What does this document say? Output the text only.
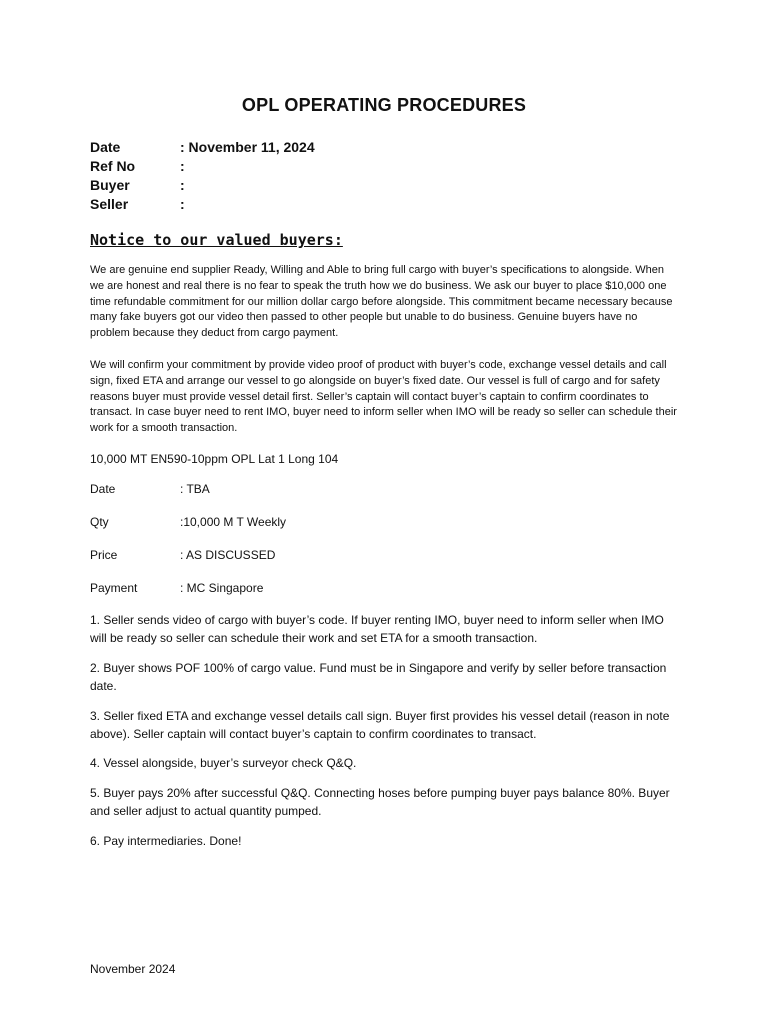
OPL OPERATING PROCEDURES
Date	: November 11, 2024
Ref No	:
Buyer	:
Seller	:
Notice to our valued buyers:

We are genuine end supplier Ready, Willing and Able to bring full cargo with buyer’s specifications to alongside. When we are honest and real there is no fear to speak the truth how we do business. We ask our buyer to place $10,000 one time refundable commitment for our million dollar cargo before alongside. This commitment became necessary because many fake buyers got our video then passed to other people but unable to do business. Genuine buyers have no problem because they deduct from cargo payment.

We will confirm your commitment by provide video proof of product with buyer’s code, exchange vessel details and call sign, fixed ETA and arrange our vessel to go alongside on buyer’s fixed date. Our vessel is full of cargo and for safety reasons buyer must provide vessel detail first. Seller’s captain will contact buyer’s captain to confirm coordinates to transact. In case buyer need to rent IMO, buyer need to inform seller when IMO will be ready so seller can schedule their work for a smooth transaction.

10,000 MT EN590-10ppm OPL Lat 1 Long 104
Date	: TBA
Qty	:10,000 M T Weekly
Price	: AS DISCUSSED
Payment	: MC Singapore

1. Seller sends video of cargo with buyer’s code. If buyer renting IMO, buyer need to inform seller when IMO will be ready so seller can schedule their work and set ETA for a smooth transaction.

2. Buyer shows POF 100% of cargo value. Fund must be in Singapore and verify by seller before transaction date.

3. Seller fixed ETA and exchange vessel details call sign. Buyer first provides his vessel detail (reason in note above). Seller captain will contact buyer’s captain to confirm coordinates to transact.

4. Vessel alongside, buyer’s surveyor check Q&Q.

5. Buyer pays 20% after successful Q&Q. Connecting hoses before pumping buyer pays balance 80%. Buyer and seller adjust to actual quantity pumped.

6. Pay intermediaries. Done!

November 2024
